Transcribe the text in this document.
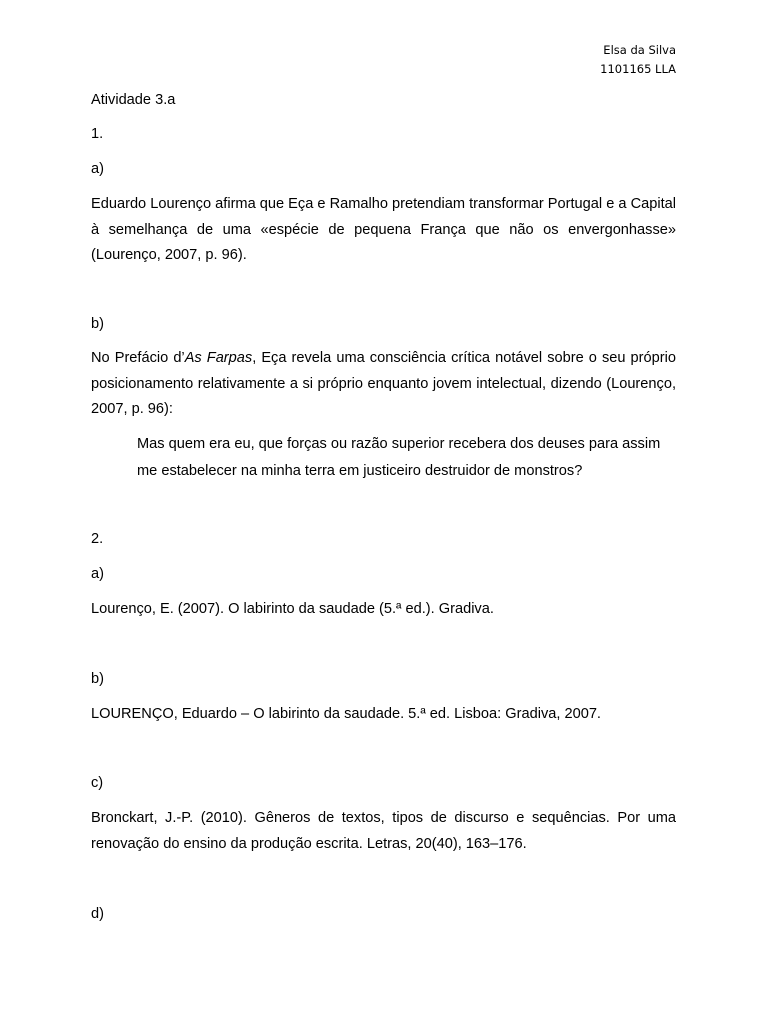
Elsa da Silva
1101165 LLA
Atividade 3.a
1.
a)
Eduardo Lourenço afirma que Eça e Ramalho pretendiam transformar Portugal e a Capital à semelhança de uma «espécie de pequena França que não os envergonhasse» (Lourenço, 2007, p. 96).
b)
No Prefácio d’As Farpas, Eça revela uma consciência crítica notável sobre o seu próprio posicionamento relativamente a si próprio enquanto jovem intelectual, dizendo (Lourenço, 2007, p. 96):
Mas quem era eu, que forças ou razão superior recebera dos deuses para assim me estabelecer na minha terra em justiceiro destruidor de monstros?
2.
a)
Lourenço, E. (2007). O labirinto da saudade (5.ª ed.). Gradiva.
b)
LOURENÇO, Eduardo – O labirinto da saudade. 5.ª ed. Lisboa: Gradiva, 2007.
c)
Bronckart, J.-P. (2010). Gêneros de textos, tipos de discurso e sequências. Por uma renovação do ensino da produção escrita. Letras, 20(40), 163–176.
d)
